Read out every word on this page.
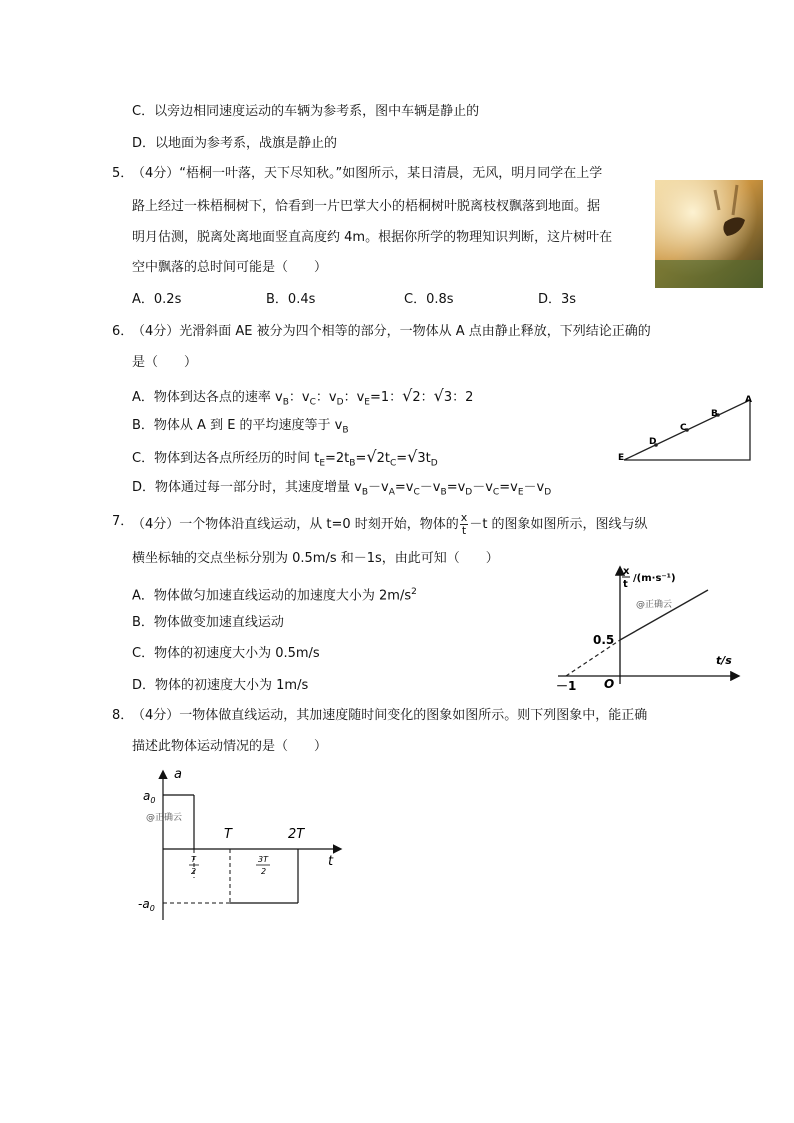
C．以旁边相同速度运动的车辆为参考系，图中车辆是静止的
D．以地面为参考系，战旗是静止的
5．
（4分）“梧桐一叶落，天下尽知秋。”如图所示，某日清晨，无风，明月同学在上学
路上经过一株梧桐树下，恰看到一片巴掌大小的梧桐树叶脱离枝杈飘落到地面。据
明月估测，脱离处离地面竖直高度约 4m。根据你所学的物理知识判断，这片树叶在
空中飘落的总时间可能是（　　）
A．0.2s	B．0.4s	C．0.8s	D．3s
6．
（4分）光滑斜面 AE 被分为四个相等的部分，一物体从 A 点由静止释放，下列结论正确的
是（　　）
A．物体到达各点的速率 $v_B$：$v_C$：$v_D$：$v_E=1$：√2：√3：2
B．物体从 A 到 E 的平均速度等于 $v_B$
C．物体到达各点所经历的时间 $t_E=2t_B=√2t_C=√3t_D$
D．物体通过每一部分时，其速度增量 $v_B-v_A=v_C-v_B=v_D-v_C=v_E-v_D$
A
B
C
D
E
7．
（4分）一个物体沿直线运动，从 t=0 时刻开始，物体的 $\frac{x}{t} -t$ 的图象如图所示，图线与纵
横坐标轴的交点坐标分别为 0.5m/s 和－1s，由此可知（　　）
A．物体做匀加速直线运动的加速度大小为 $2m/s^2$
B．物体做变加速直线运动
C．物体的初速度大小为 0.5m/s
D．物体的初速度大小为 1m/s
x
t
/(m·s⁻¹)
@正确云
0.5
t/s
－1 O
8．
（4分）一物体做直线运动，其加速度随时间变化的图象如图所示。则下列图象中，能正确
描述此物体运动情况的是（　　）
a
t
$a_0$
$-a_0$
@正确云
T	2T
T
2
3T
2
